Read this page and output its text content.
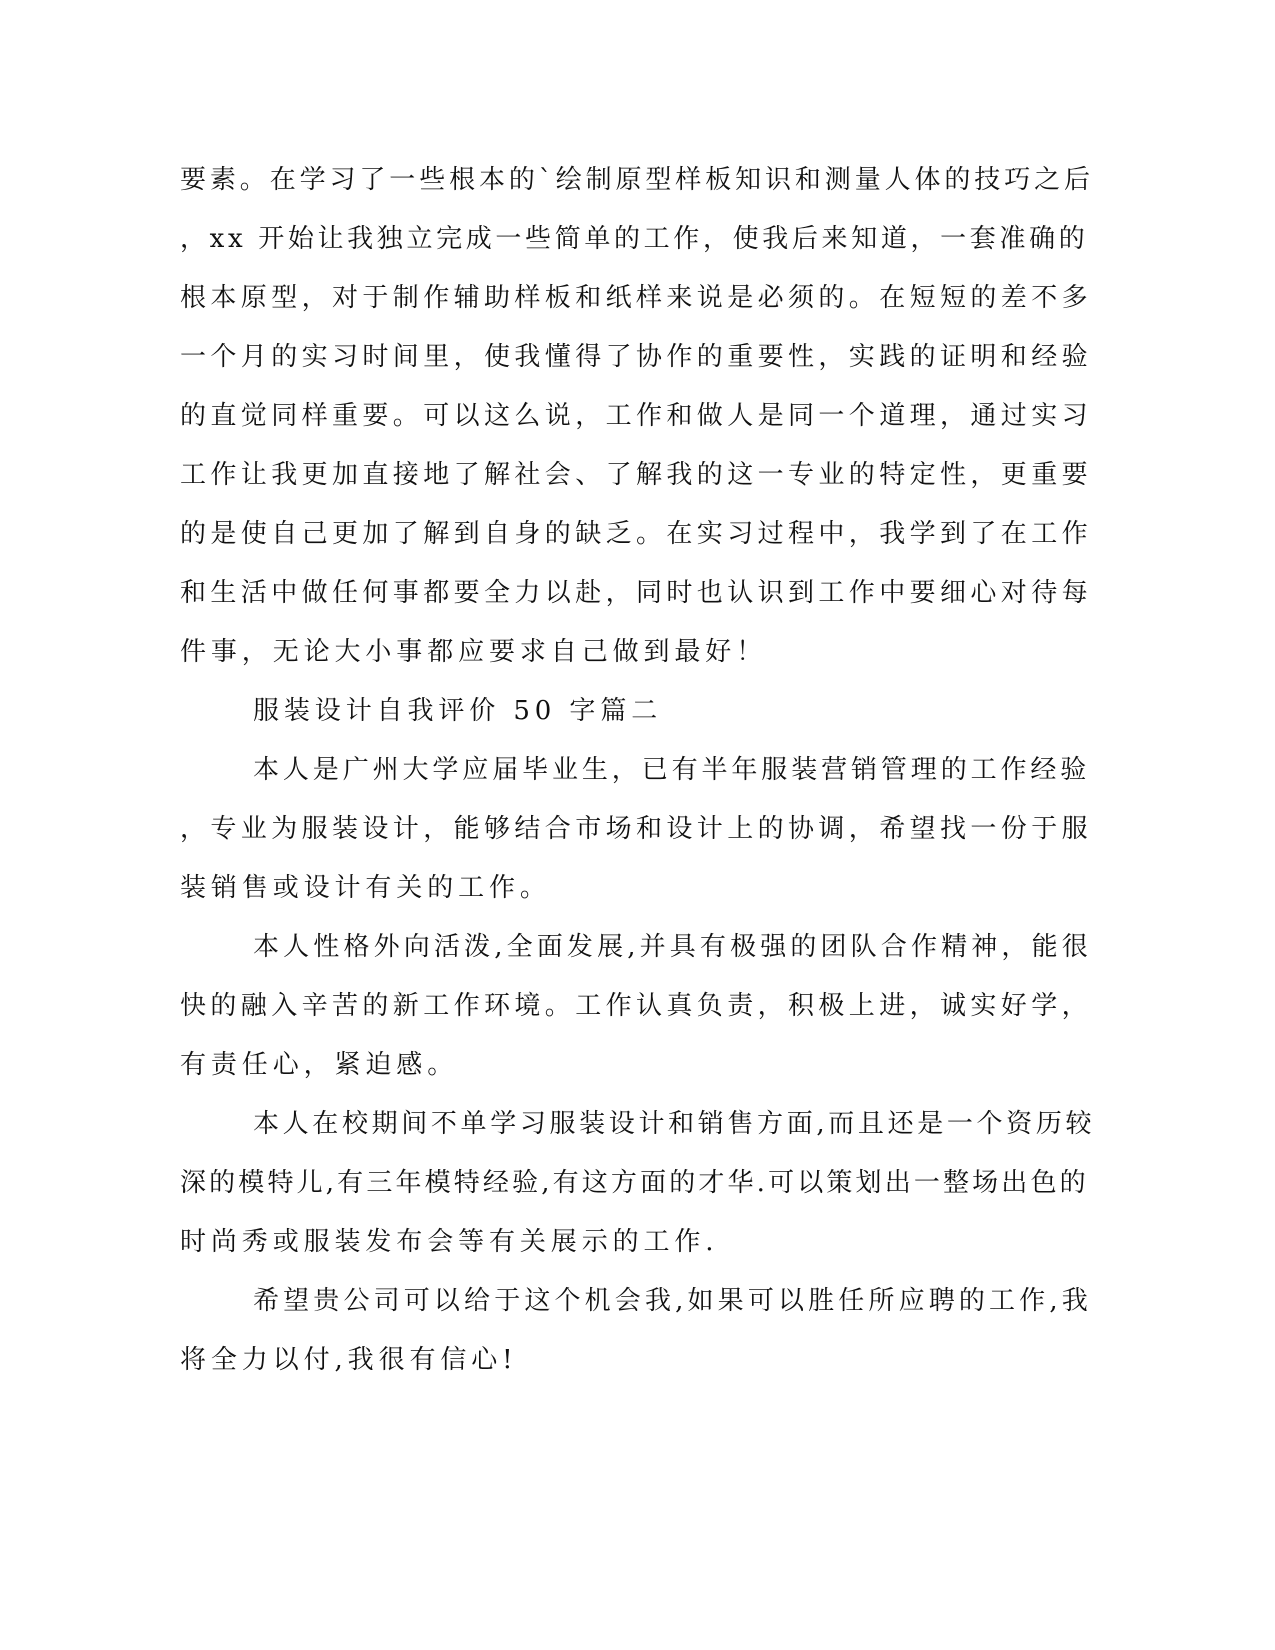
要素。在学习了一些根本的`绘制原型样板知识和测量人体的技巧之后
，xx 开始让我独立完成一些简单的工作，使我后来知道，一套准确的
根本原型，对于制作辅助样板和纸样来说是必须的。在短短的差不多
一个月的实习时间里，使我懂得了协作的重要性，实践的证明和经验
的直觉同样重要。可以这么说，工作和做人是同一个道理，通过实习
工作让我更加直接地了解社会、了解我的这一专业的特定性，更重要
的是使自己更加了解到自身的缺乏。在实习过程中，我学到了在工作
和生活中做任何事都要全力以赴，同时也认识到工作中要细心对待每
件事，无论大小事都应要求自己做到最好！
服装设计自我评价 50 字篇二
本人是广州大学应届毕业生，已有半年服装营销管理的工作经验
，专业为服装设计，能够结合市场和设计上的协调，希望找一份于服
装销售或设计有关的工作。
本人性格外向活泼,全面发展,并具有极强的团队合作精神，能很
快的融入辛苦的新工作环境。工作认真负责，积极上进，诚实好学，
有责任心，紧迫感。
本人在校期间不单学习服装设计和销售方面,而且还是一个资历较
深的模特儿,有三年模特经验,有这方面的才华.可以策划出一整场出色的
时尚秀或服装发布会等有关展示的工作.
希望贵公司可以给于这个机会我,如果可以胜任所应聘的工作,我
将全力以付,我很有信心!
